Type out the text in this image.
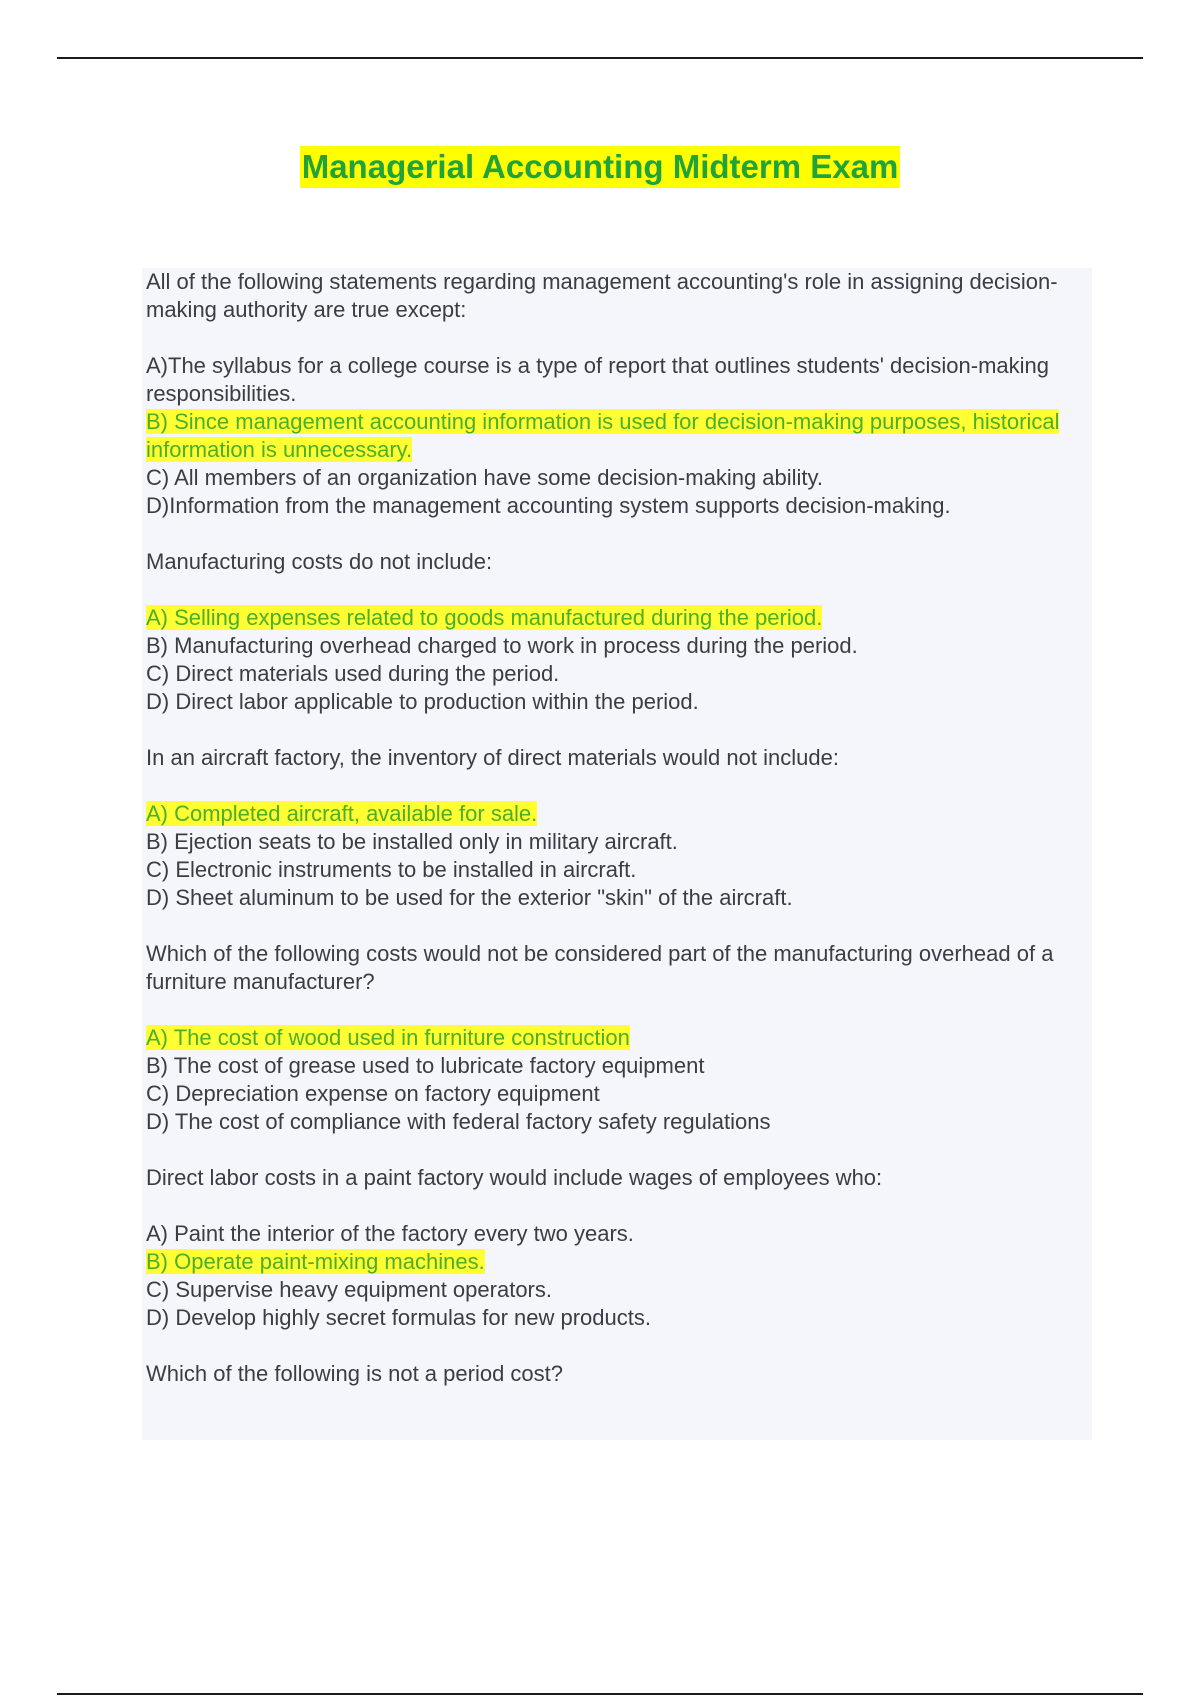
Managerial Accounting Midterm Exam

All of the following statements regarding management accounting's role in assigning decision-making authority are true except:

A)The syllabus for a college course is a type of report that outlines students' decision-making responsibilities.

B) Since management accounting information is used for decision-making purposes, historical information is unnecessary.

C) All members of an organization have some decision-making ability.

D)Information from the management accounting system supports decision-making.

Manufacturing costs do not include:

A) Selling expenses related to goods manufactured during the period.

B) Manufacturing overhead charged to work in process during the period.

C) Direct materials used during the period.

D) Direct labor applicable to production within the period.

In an aircraft factory, the inventory of direct materials would not include:

A) Completed aircraft, available for sale.

B) Ejection seats to be installed only in military aircraft.

C) Electronic instruments to be installed in aircraft.

D) Sheet aluminum to be used for the exterior "skin" of the aircraft.

Which of the following costs would not be considered part of the manufacturing overhead of a furniture manufacturer?

A) The cost of wood used in furniture construction

B) The cost of grease used to lubricate factory equipment

C) Depreciation expense on factory equipment

D) The cost of compliance with federal factory safety regulations

Direct labor costs in a paint factory would include wages of employees who:

A) Paint the interior of the factory every two years.

B) Operate paint-mixing machines.

C) Supervise heavy equipment operators.

D) Develop highly secret formulas for new products.

Which of the following is not a period cost?
